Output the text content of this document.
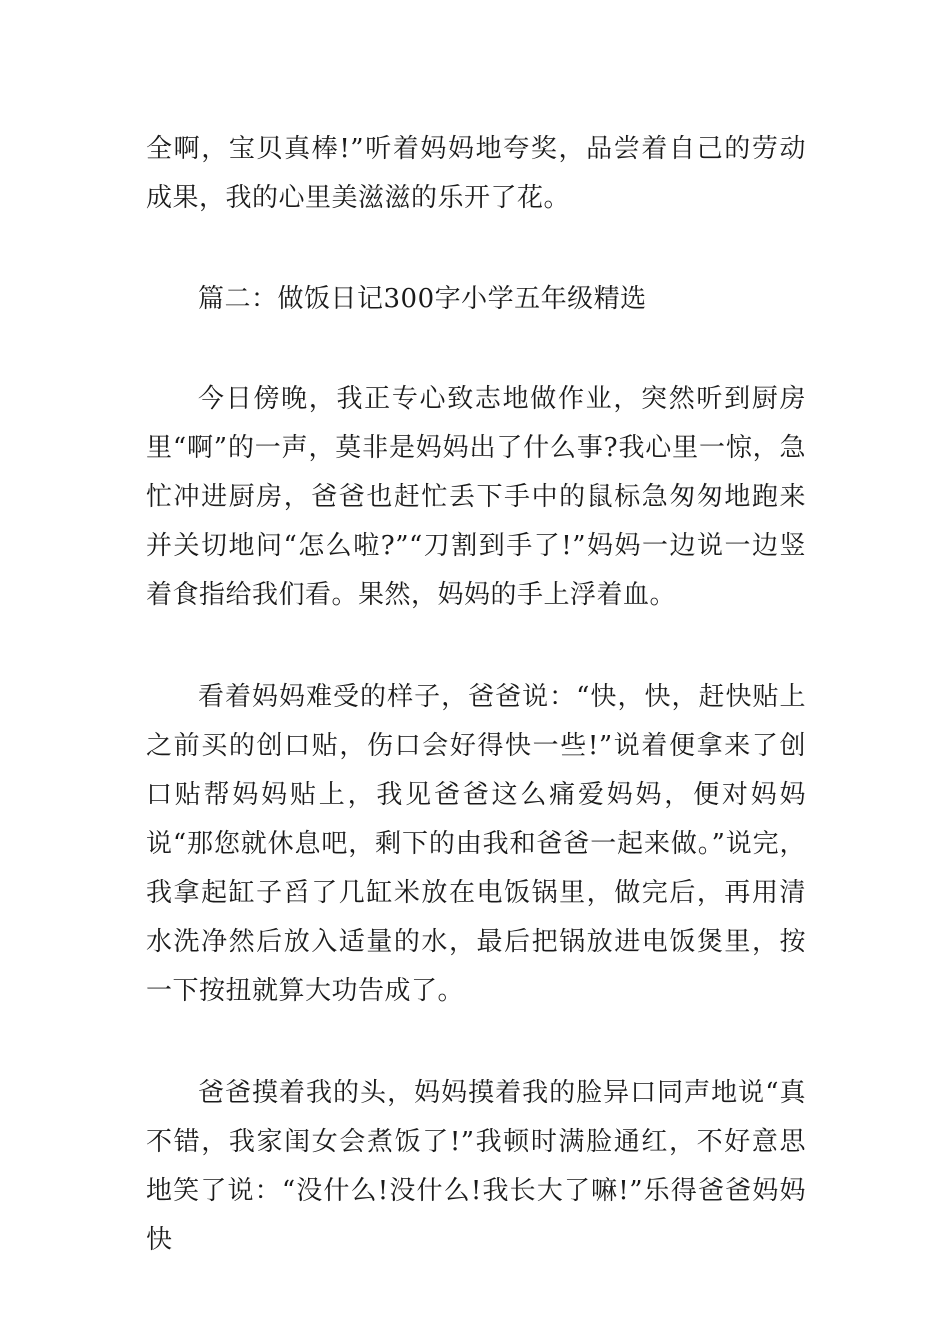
全啊，宝贝真棒!”听着妈妈地夸奖，品尝着自己的劳动成果，我的心里美滋滋的乐开了花。

篇二：做饭日记300字小学五年级精选

今日傍晚，我正专心致志地做作业，突然听到厨房里“啊”的一声，莫非是妈妈出了什么事?我心里一惊，急忙冲进厨房，爸爸也赶忙丢下手中的鼠标急匆匆地跑来并关切地问“怎么啦?”“刀割到手了!”妈妈一边说一边竖着食指给我们看。果然，妈妈的手上浮着血。

看着妈妈难受的样子，爸爸说：“快，快，赶快贴上之前买的创口贴，伤口会好得快一些!”说着便拿来了创口贴帮妈妈贴上，我见爸爸这么痛爱妈妈，便对妈妈说“那您就休息吧，剩下的由我和爸爸一起来做。”说完，我拿起缸子舀了几缸米放在电饭锅里，做完后，再用清水洗净然后放入适量的水，最后把锅放进电饭煲里，按一下按扭就算大功告成了。

爸爸摸着我的头，妈妈摸着我的脸异口同声地说“真不错，我家闺女会煮饭了!”我顿时满脸通红，不好意思地笑了说：“没什么!没什么!我长大了嘛!”乐得爸爸妈妈快
